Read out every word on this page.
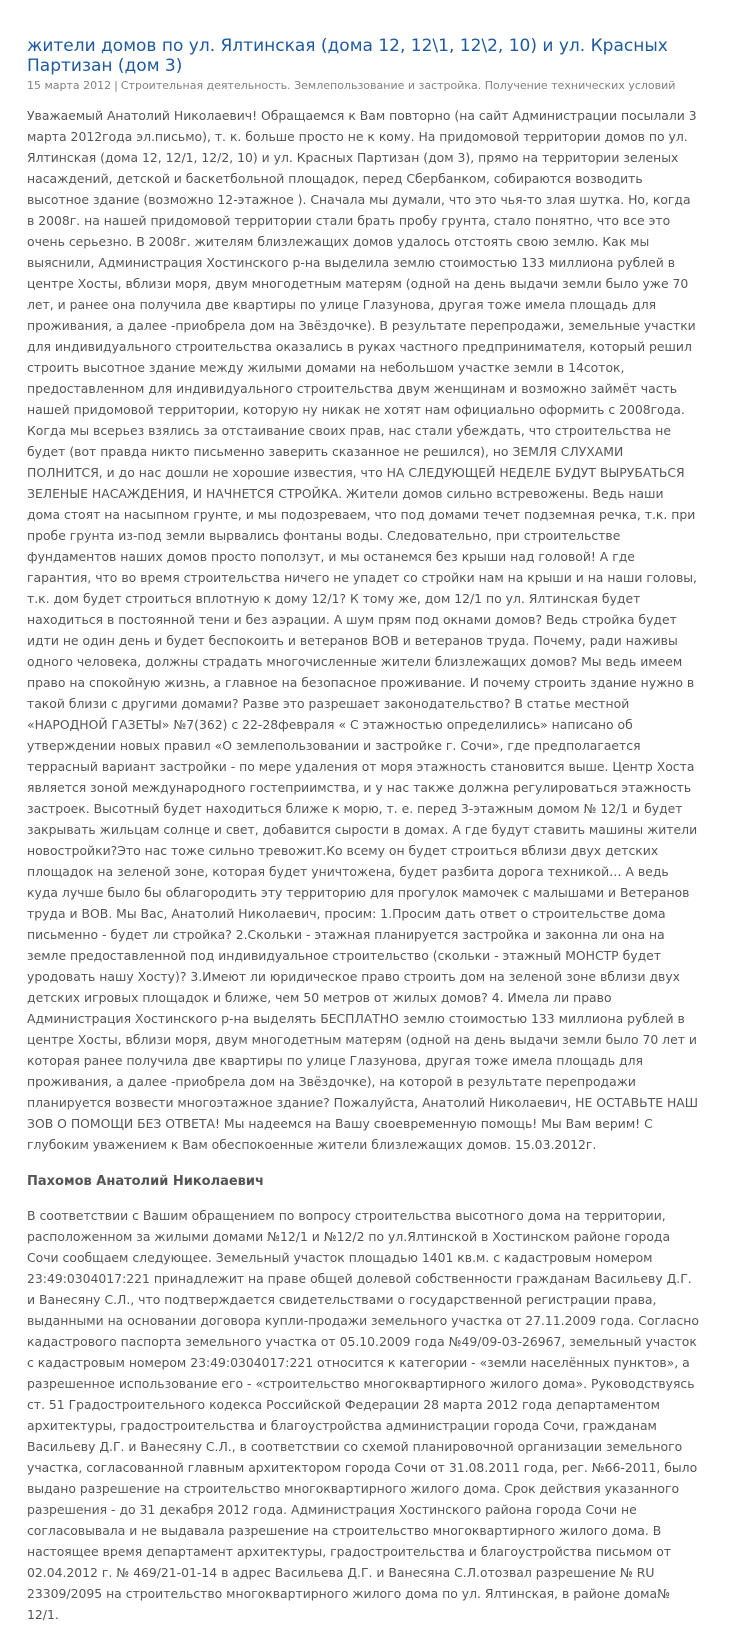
жители домов по ул. Ялтинская (дома 12, 12\1, 12\2, 10) и ул. Красных Партизан (дом 3)
15 марта 2012 | Строительная деятельность. Землепользование и застройка. Получение технических условий

Уважаемый Анатолий Николаевич! Обращаемся к Вам повторно (на сайт Администрации посылали 3 марта 2012года эл.письмо), т. к. больше просто не к кому. На придомовой территории домов по ул. Ялтинская (дома 12, 12/1, 12/2, 10) и ул. Красных Партизан (дом 3), прямо на территории зеленых насаждений, детской и баскетбольной площадок, перед Сбербанком, собираются возводить высотное здание (возможно 12-этажное ). Сначала мы думали, что это чья-то злая шутка. Но, когда в 2008г. на нашей придомовой территории стали брать пробу грунта, стало понятно, что все это очень серьезно. В 2008г. жителям близлежащих домов удалось отстоять свою землю. Как мы выяснили, Администрация Хостинского р-на выделила землю стоимостью 133 миллиона рублей в центре Хосты, вблизи моря, двум многодетным матерям (одной на день выдачи земли было уже 70 лет, и ранее она получила две квартиры по улице Глазунова, другая тоже имела площадь для проживания, а далее -приобрела дом на Звёздочке). В результате перепродажи, земельные участки для индивидуального строительства оказались в руках частного предпринимателя, который решил строить высотное здание между жилыми домами на небольшом участке земли в 14соток, предоставленном для индивидуального строительства двум женщинам и возможно займёт часть нашей придомовой территории, которую ну никак не хотят нам официально оформить с 2008года. Когда мы всерьез взялись за отстаивание своих прав, нас стали убеждать, что строительства не будет (вот правда никто письменно заверить сказанное не решился), но ЗЕМЛЯ СЛУХАМИ ПОЛНИТСЯ, и до нас дошли не хорошие известия, что НА СЛЕДУЮЩЕЙ НЕДЕЛЕ БУДУТ ВЫРУБАТЬСЯ ЗЕЛЕНЫЕ НАСАЖДЕНИЯ, И НАЧНЕТСЯ СТРОЙКА. Жители домов сильно встревожены. Ведь наши дома стоят на насыпном грунте, и мы подозреваем, что под домами течет подземная речка, т.к. при пробе грунта из-под земли вырвались фонтаны воды. Следовательно, при строительстве фундаментов наших домов просто поползут, и мы останемся без крыши над головой! А где гарантия, что во время строительства ничего не упадет со стройки нам на крыши и на наши головы, т.к. дом будет строиться вплотную к дому 12/1? К тому же, дом 12/1 по ул. Ялтинская будет находиться в постоянной тени и без аэрации. А шум прям под окнами домов? Ведь стройка будет идти не один день и будет беспокоить и ветеранов ВОВ и ветеранов труда. Почему, ради наживы одного человека, должны страдать многочисленные жители близлежащих домов? Мы ведь имеем право на спокойную жизнь, а главное на безопасное проживание. И почему строить здание нужно в такой близи с другими домами? Разве это разрешает законодательство? В статье местной «НАРОДНОЙ ГАЗЕТЫ» №7(362) с 22-28февраля « С этажностью определились» написано об утверждении новых правил «О землепользовании и застройке г. Сочи», где предполагается террасный вариант застройки - по мере удаления от моря этажность становится выше. Центр Хоста является зоной международного гостеприимства, и у нас также должна регулироваться этажность застроек. Высотный будет находиться ближе к морю, т. е. перед 3-этажным домом № 12/1 и будет закрывать жильцам солнце и свет, добавится сырости в домах. А где будут ставить машины жители новостройки?Это нас тоже сильно тревожит.Ко всему он будет строиться вблизи двух детских площадок на зеленой зоне, которая будет уничтожена, будет разбита дорога техникой… А ведь куда лучше было бы облагородить эту территорию для прогулок мамочек с малышами и Ветеранов труда и ВОВ. Мы Вас, Анатолий Николаевич, просим: 1.Просим дать ответ о строительстве дома письменно - будет ли стройка? 2.Скольки - этажная планируется застройка и законна ли она на земле предоставленной под индивидуальное строительство (скольки - этажный МОНСТР будет уродовать нашу Хосту)? 3.Имеют ли юридическое право строить дом на зеленой зоне вблизи двух детских игровых площадок и ближе, чем 50 метров от жилых домов? 4. Имела ли право Администрация Хостинского р-на выделять БЕСПЛАТНО землю стоимостью 133 миллиона рублей в центре Хосты, вблизи моря, двум многодетным матерям (одной на день выдачи земли было 70 лет и которая ранее получила две квартиры по улице Глазунова, другая тоже имела площадь для проживания, а далее -приобрела дом на Звёздочке), на которой в результате перепродажи планируется возвести многоэтажное здание? Пожалуйста, Анатолий Николаевич, НЕ ОСТАВЬТЕ НАШ ЗОВ О ПОМОЩИ БЕЗ ОТВЕТА! Мы надеемся на Вашу своевременную помощь! Мы Вам верим! С глубоким уважением к Вам обеспокоенные жители близлежащих домов. 15.03.2012г.

Пахомов Анатолий Николаевич

В соответствии с Вашим обращением по вопросу строительства высотного дома на территории, расположенном за жилыми домами №12/1 и №12/2 по ул.Ялтинской в Хостинском районе города Сочи сообщаем следующее. Земельный участок площадью 1401 кв.м. с кадастровым номером 23:49:0304017:221 принадлежит на праве общей долевой собственности гражданам Васильеву Д.Г. и Ванесяну С.Л., что подтверждается свидетельствами о государственной регистрации права, выданными на основании договора купли-продажи земельного участка от 27.11.2009 года. Согласно кадастрового паспорта земельного участка от 05.10.2009 года №49/09-03-26967, земельный участок с кадастровым номером 23:49:0304017:221 относится к категории - «земли населённых пунктов», а разрешенное использование его - «строительство многоквартирного жилого дома». Руководствуясь ст. 51 Градостроительного кодекса Российской Федерации 28 марта 2012 года департаментом архитектуры, градостроительства и благоустройства администрации города Сочи, гражданам Васильеву Д.Г. и Ванесяну С.Л., в соответствии со схемой планировочной организации земельного участка, согласованной главным архитектором города Сочи от 31.08.2011 года, рег. №66-2011, было выдано разрешение на строительство многоквартирного жилого дома. Срок действия указанного разрешения - до 31 декабря 2012 года. Администрация Хостинского района города Сочи не согласовывала и не выдавала разрешение на строительство многоквартирного жилого дома. В настоящее время департамент архитектуры, градостроительства и благоустройства письмом от 02.04.2012 г. № 469/21-01-14 в адрес Васильева Д.Г. и Ванесяна С.Л.отозвал разрешение № RU 23309/2095 на строительство многоквартирного жилого дома по ул. Ялтинская, в районе дома№ 12/1.
